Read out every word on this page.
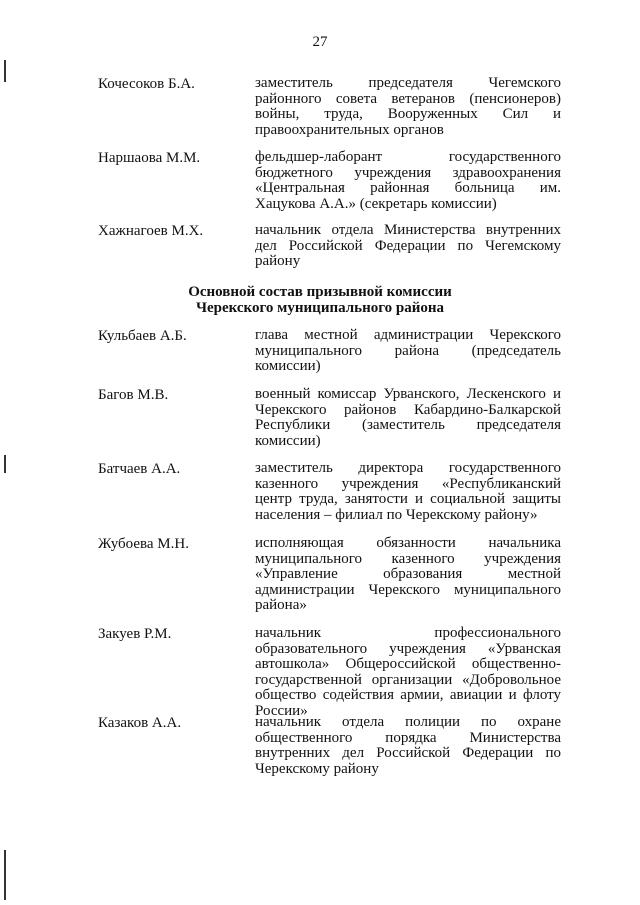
27
Кочесоков Б.А.	заместитель председателя Чегемского районного совета ветеранов (пенсионеров) войны, труда, Вооруженных Сил и правоохранительных органов
Наршаова М.М.	фельдшер-лаборант государственного бюджетного учреждения здравоохранения «Центральная районная больница им. Хацукова А.А.» (секретарь комиссии)
Хажнагоев М.Х.	начальник отдела Министерства внутренних дел Российской Федерации по Чегемскому району
Основной состав призывной комиссии
Черекского муниципального района
Кульбаев А.Б.	глава местной администрации Черекского муниципального района (председатель комиссии)
Багов М.В.	военный комиссар Урванского, Лескенского и Черекского районов Кабардино-Балкарской Республики (заместитель председателя комиссии)
Батчаев А.А.	заместитель директора государственного казенного учреждения «Республиканский центр труда, занятости и социальной защиты населения – филиал по Черекскому району»
Жубоева М.Н.	исполняющая обязанности начальника муниципального казенного учреждения «Управление образования местной администрации Черекского муниципального района»
Закуев Р.М.	начальник профессионального образовательного учреждения «Урванская автошкола» Общероссийской общественно-государственной организации «Добровольное общество содействия армии, авиации и флоту России»
Казаков А.А.	начальник отдела полиции по охране общественного порядка Министерства внутренних дел Российской Федерации по Черекскому району
